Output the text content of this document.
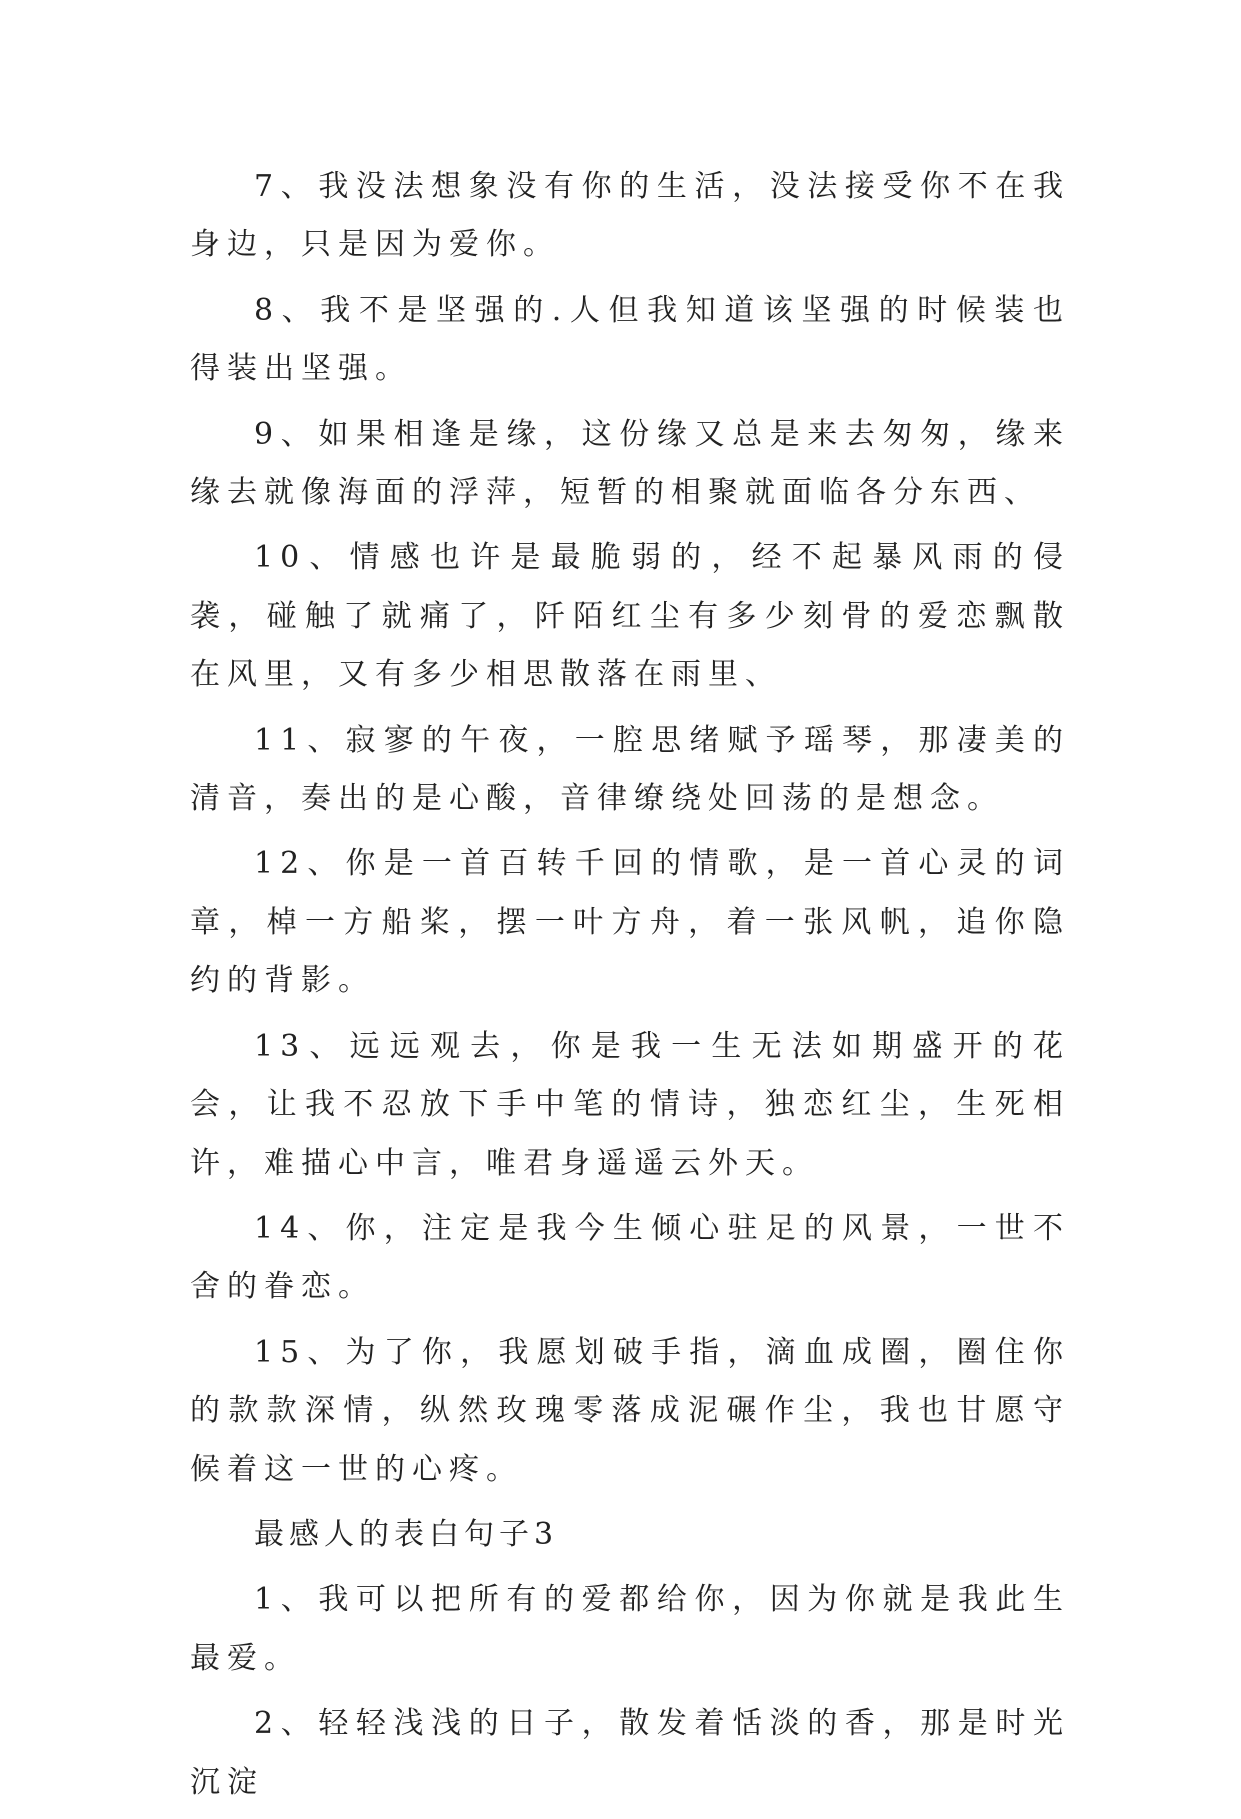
7、我没法想象没有你的生活，没法接受你不在我身边，只是因为爱你。

8、我不是坚强的.人但我知道该坚强的时候装也得装出坚强。

9、如果相逢是缘，这份缘又总是来去匆匆，缘来缘去就像海面的浮萍，短暂的相聚就面临各分东西、

10、情感也许是最脆弱的，经不起暴风雨的侵袭，碰触了就痛了，阡陌红尘有多少刻骨的爱恋飘散在风里，又有多少相思散落在雨里、

11、寂寥的午夜，一腔思绪赋予瑶琴，那凄美的清音，奏出的是心酸，音律缭绕处回荡的是想念。

12、你是一首百转千回的情歌，是一首心灵的词章，棹一方船桨，摆一叶方舟，着一张风帆，追你隐约的背影。

13、远远观去，你是我一生无法如期盛开的花会，让我不忍放下手中笔的情诗，独恋红尘，生死相许，难描心中言，唯君身遥遥云外天。

14、你，注定是我今生倾心驻足的风景，一世不舍的眷恋。

15、为了你，我愿划破手指，滴血成圈，圈住你的款款深情，纵然玫瑰零落成泥碾作尘，我也甘愿守候着这一世的心疼。

最感人的表白句子3

1、我可以把所有的爱都给你，因为你就是我此生最爱。

2、轻轻浅浅的日子，散发着恬淡的香，那是时光沉淀
